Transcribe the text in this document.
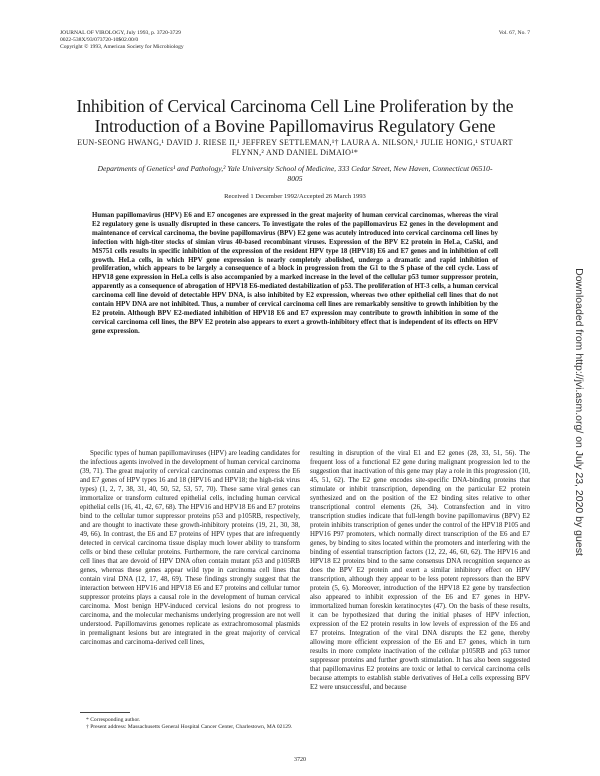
JOURNAL OF VIROLOGY, July 1993, p. 3720-3729
0022-538X/93/073720-10$02.00/0
Copyright © 1993, American Society for Microbiology
Vol. 67, No. 7
Inhibition of Cervical Carcinoma Cell Line Proliferation by the Introduction of a Bovine Papillomavirus Regulatory Gene
EUN-SEONG HWANG,¹ DAVID J. RIESE II,¹ JEFFREY SETTLEMAN,¹† LAURA A. NILSON,¹ JULIE HONIG,¹ STUART FLYNN,² AND DANIEL DiMAIO¹*
Departments of Genetics¹ and Pathology,² Yale University School of Medicine, 333 Cedar Street, New Haven, Connecticut 06510-8005
Received 1 December 1992/Accepted 26 March 1993
Human papillomavirus (HPV) E6 and E7 oncogenes are expressed in the great majority of human cervical carcinomas, whereas the viral E2 regulatory gene is usually disrupted in these cancers. To investigate the roles of the papillomavirus E2 genes in the development and maintenance of cervical carcinoma, the bovine papillomavirus (BPV) E2 gene was acutely introduced into cervical carcinoma cell lines by infection with high-titer stocks of simian virus 40-based recombinant viruses. Expression of the BPV E2 protein in HeLa, CaSki, and MS751 cells results in specific inhibition of the expression of the resident HPV type 18 (HPV18) E6 and E7 genes and in inhibition of cell growth. HeLa cells, in which HPV gene expression is nearly completely abolished, undergo a dramatic and rapid inhibition of proliferation, which appears to be largely a consequence of a block in progression from the G1 to the S phase of the cell cycle. Loss of HPV18 gene expression in HeLa cells is also accompanied by a marked increase in the level of the cellular p53 tumor suppressor protein, apparently as a consequence of abrogation of HPV18 E6-mediated destabilization of p53. The proliferation of HT-3 cells, a human cervical carcinoma cell line devoid of detectable HPV DNA, is also inhibited by E2 expression, whereas two other epithelial cell lines that do not contain HPV DNA are not inhibited. Thus, a number of cervical carcinoma cell lines are remarkably sensitive to growth inhibition by the E2 protein. Although BPV E2-mediated inhibition of HPV18 E6 and E7 expression may contribute to growth inhibition in some of the cervical carcinoma cell lines, the BPV E2 protein also appears to exert a growth-inhibitory effect that is independent of its effects on HPV gene expression.
Specific types of human papillomaviruses (HPV) are leading candidates for the infectious agents involved in the development of human cervical carcinoma (39, 71). The great majority of cervical carcinomas contain and express the E6 and E7 genes of HPV types 16 and 18 (HPV16 and HPV18; the high-risk virus types) (1, 2, 7, 38, 31, 40, 50, 52, 53, 57, 70). These same viral genes can immortalize or transform cultured epithelial cells, including human cervical epithelial cells (16, 41, 42, 67, 68). The HPV16 and HPV18 E6 and E7 proteins bind to the cellular tumor suppressor proteins p53 and p105RB, respectively, and are thought to inactivate these growth-inhibitory proteins (19, 21, 30, 38, 49, 66). In contrast, the E6 and E7 proteins of HPV types that are infrequently detected in cervical carcinoma tissue display much lower ability to transform cells or bind these cellular proteins. Furthermore, the rare cervical carcinoma cell lines that are devoid of HPV DNA often contain mutant p53 and p105RB genes, whereas these genes appear wild type in carcinoma cell lines that contain viral DNA (12, 17, 48, 69). These findings strongly suggest that the interaction between HPV16 and HPV18 E6 and E7 proteins and cellular tumor suppressor proteins plays a causal role in the development of human cervical carcinoma. Most benign HPV-induced cervical lesions do not progress to carcinoma, and the molecular mechanisms underlying progression are not well understood. Papillomavirus genomes replicate as extrachromosomal plasmids in premalignant lesions but are integrated in the great majority of cervical carcinomas and carcinoma-derived cell lines,
resulting in disruption of the viral E1 and E2 genes (28, 33, 51, 56). The frequent loss of a functional E2 gene during malignant progression led to the suggestion that inactivation of this gene may play a role in this progression (10, 45, 51, 62). The E2 gene encodes site-specific DNA-binding proteins that stimulate or inhibit transcription, depending on the particular E2 protein synthesized and on the position of the E2 binding sites relative to other transcriptional control elements (26, 34). Cotransfection and in vitro transcription studies indicate that full-length bovine papillomavirus (BPV) E2 protein inhibits transcription of genes under the control of the HPV18 P105 and HPV16 P97 promoters, which normally direct transcription of the E6 and E7 genes, by binding to sites located within the promoters and interfering with the binding of essential transcription factors (12, 22, 46, 60, 62). The HPV16 and HPV18 E2 proteins bind to the same consensus DNA recognition sequence as does the BPV E2 protein and exert a similar inhibitory effect on HPV transcription, although they appear to be less potent repressors than the BPV protein (5, 6). Moreover, introduction of the HPV18 E2 gene by transfection also appeared to inhibit expression of the E6 and E7 genes in HPV-immortalized human foreskin keratinocytes (47). On the basis of these results, it can be hypothesized that during the initial phases of HPV infection, expression of the E2 protein results in low levels of expression of the E6 and E7 proteins. Integration of the viral DNA disrupts the E2 gene, thereby allowing more efficient expression of the E6 and E7 genes, which in turn results in more complete inactivation of the cellular p105RB and p53 tumor suppressor proteins and further growth stimulation. It has also been suggested that papillomavirus E2 proteins are toxic or lethal to cervical carcinoma cells because attempts to establish stable derivatives of HeLa cells expressing BPV E2 were unsuccessful, and because
* Corresponding author.
† Present address: Massachusetts General Hospital Cancer Center, Charlestown, MA 02129.
3720
Downloaded from http://jvi.asm.org/ on July 23, 2020 by guest
